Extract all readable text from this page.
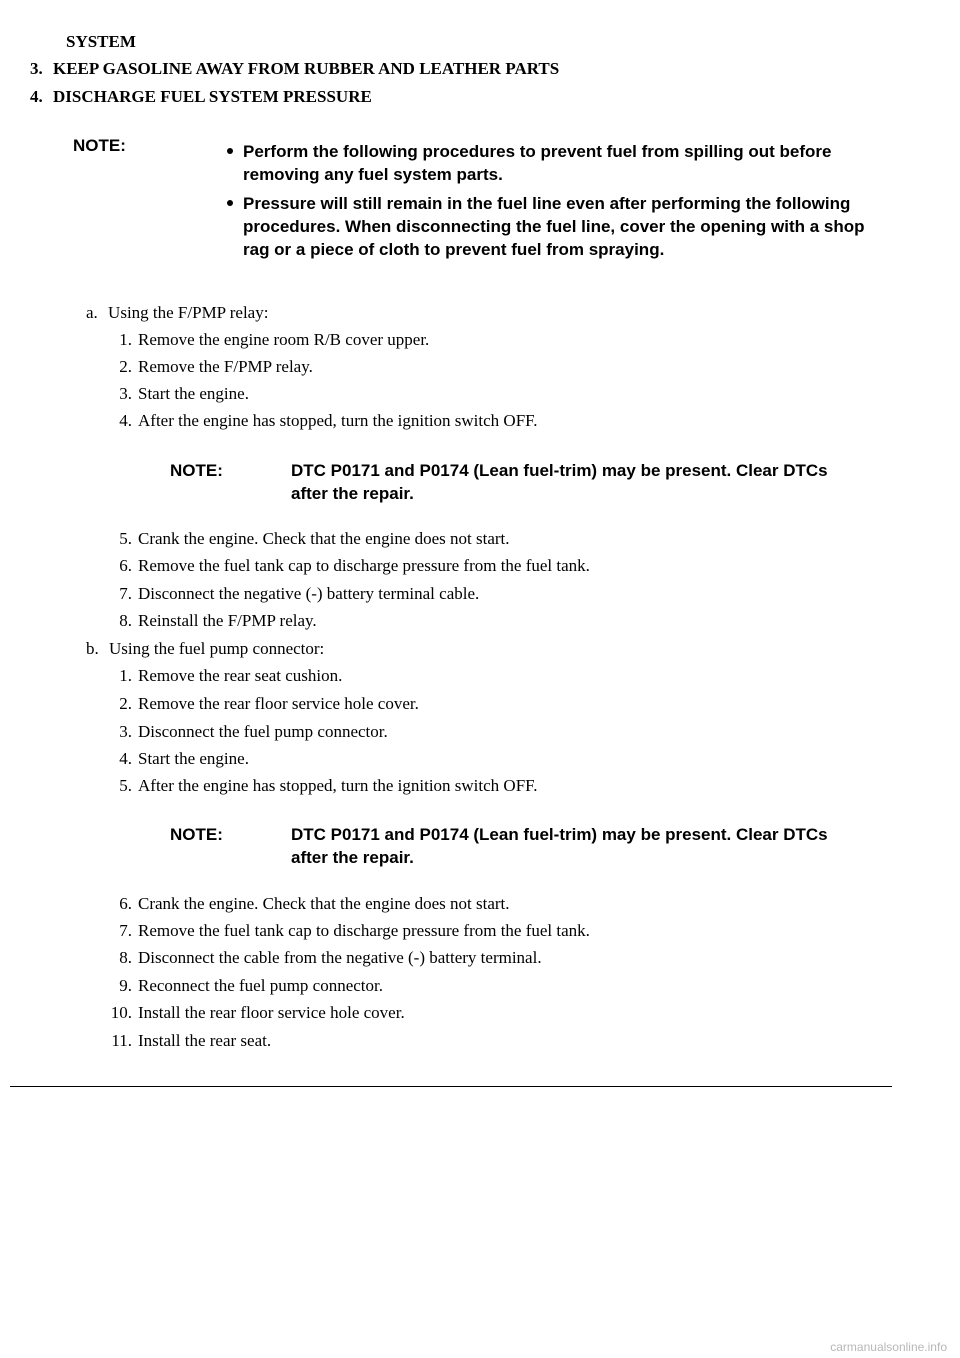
SYSTEM
3. KEEP GASOLINE AWAY FROM RUBBER AND LEATHER PARTS
4. DISCHARGE FUEL SYSTEM PRESSURE
NOTE:	Perform the following procedures to prevent fuel from spilling out before removing any fuel system parts.
Pressure will still remain in the fuel line even after performing the following procedures. When disconnecting the fuel line, cover the opening with a shop rag or a piece of cloth to prevent fuel from spraying.
a. Using the F/PMP relay:
1. Remove the engine room R/B cover upper.
2. Remove the F/PMP relay.
3. Start the engine.
4. After the engine has stopped, turn the ignition switch OFF.
NOTE:	DTC P0171 and P0174 (Lean fuel-trim) may be present. Clear DTCs after the repair.
5. Crank the engine. Check that the engine does not start.
6. Remove the fuel tank cap to discharge pressure from the fuel tank.
7. Disconnect the negative (-) battery terminal cable.
8. Reinstall the F/PMP relay.
b. Using the fuel pump connector:
1. Remove the rear seat cushion.
2. Remove the rear floor service hole cover.
3. Disconnect the fuel pump connector.
4. Start the engine.
5. After the engine has stopped, turn the ignition switch OFF.
NOTE:	DTC P0171 and P0174 (Lean fuel-trim) may be present. Clear DTCs after the repair.
6. Crank the engine. Check that the engine does not start.
7. Remove the fuel tank cap to discharge pressure from the fuel tank.
8. Disconnect the cable from the negative (-) battery terminal.
9. Reconnect the fuel pump connector.
10. Install the rear floor service hole cover.
11. Install the rear seat.
carmanualsonline.info
